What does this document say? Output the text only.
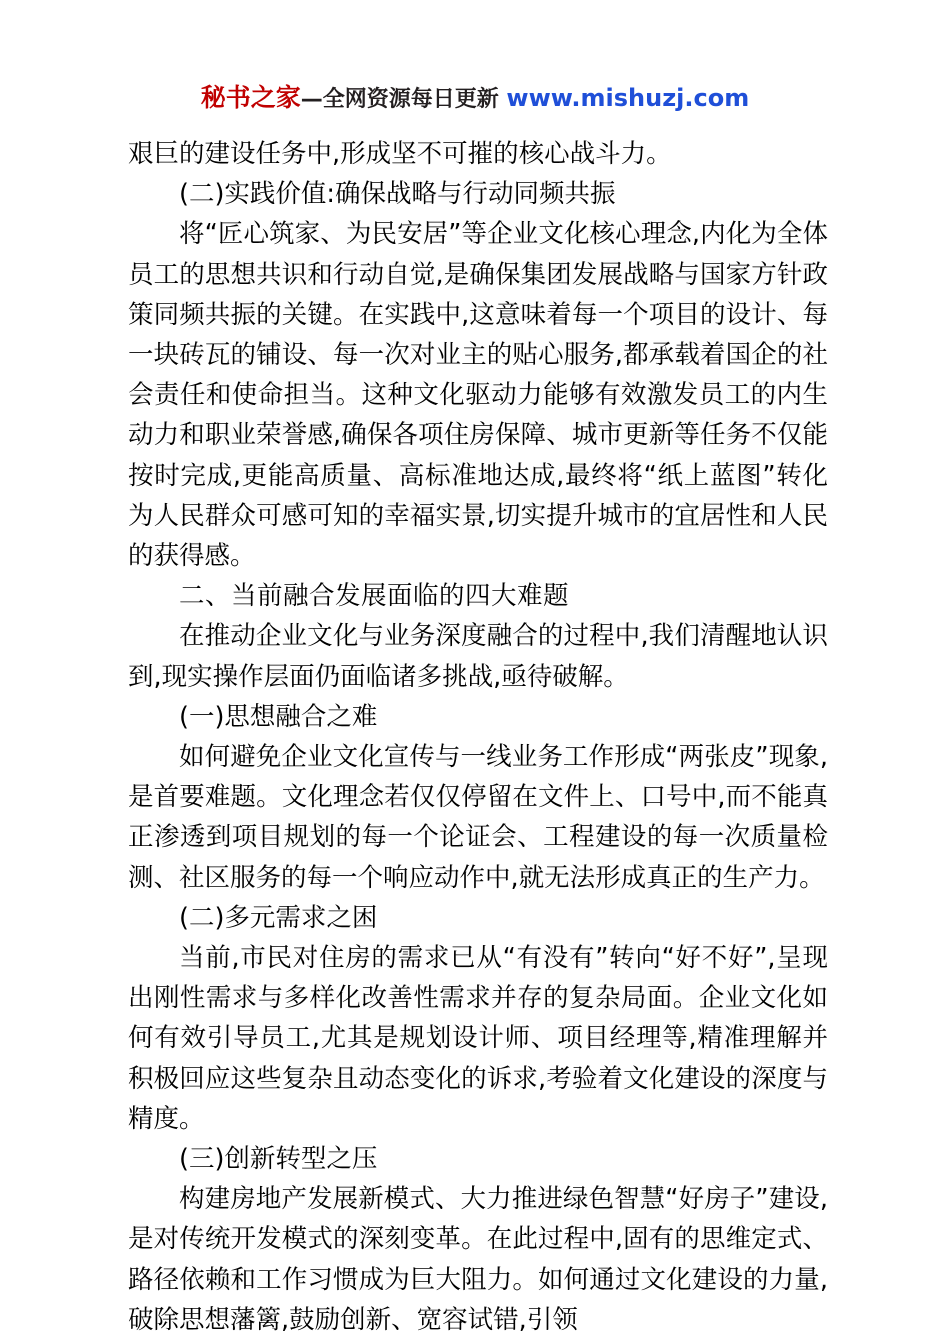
秘书之家—全网资源每日更新 www.mishuzj.com

艰巨的建设任务中,形成坚不可摧的核心战斗力。

(二)实践价值:确保战略与行动同频共振

将“匠心筑家、为民安居”等企业文化核心理念,内化为全体员工的思想共识和行动自觉,是确保集团发展战略与国家方针政策同频共振的关键。在实践中,这意味着每一个项目的设计、每一块砖瓦的铺设、每一次对业主的贴心服务,都承载着国企的社会责任和使命担当。这种文化驱动力能够有效激发员工的内生动力和职业荣誉感,确保各项住房保障、城市更新等任务不仅能按时完成,更能高质量、高标准地达成,最终将“纸上蓝图”转化为人民群众可感可知的幸福实景,切实提升城市的宜居性和人民的获得感。

二、当前融合发展面临的四大难题

在推动企业文化与业务深度融合的过程中,我们清醒地认识到,现实操作层面仍面临诸多挑战,亟待破解。

(一)思想融合之难

如何避免企业文化宣传与一线业务工作形成“两张皮”现象,是首要难题。文化理念若仅仅停留在文件上、口号中,而不能真正渗透到项目规划的每一个论证会、工程建设的每一次质量检测、社区服务的每一个响应动作中,就无法形成真正的生产力。

(二)多元需求之困

当前,市民对住房的需求已从“有没有”转向“好不好”,呈现出刚性需求与多样化改善性需求并存的复杂局面。企业文化如何有效引导员工,尤其是规划设计师、项目经理等,精准理解并积极回应这些复杂且动态变化的诉求,考验着文化建设的深度与精度。

(三)创新转型之压

构建房地产发展新模式、大力推进绿色智慧“好房子”建设,是对传统开发模式的深刻变革。在此过程中,固有的思维定式、路径依赖和工作习惯成为巨大阻力。如何通过文化建设的力量,破除思想藩篱,鼓励创新、宽容试错,引领
